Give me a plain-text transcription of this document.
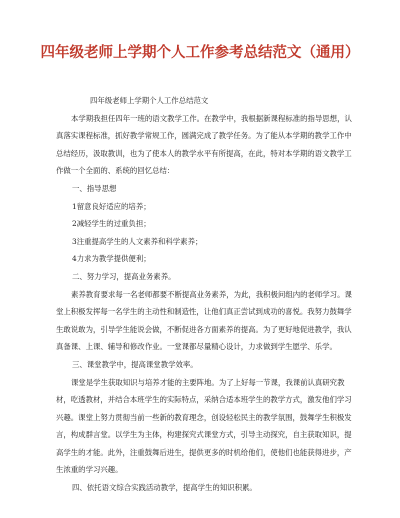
四年级老师上学期个人工作参考总结范文（通用）

四年级老师上学期个人工作总结范文

本学期我担任四年一班的语文教学工作。在教学中，我根据新课程标准的指导思想，认真落实课程标准，抓好教学常规工作，圆满完成了教学任务。为了能从本学期的教学工作中总结经历，汲取教训，也为了使本人的教学水平有所提高，在此，特对本学期的语文教学工作做一个全面的、系统的回忆总结：

一、指导思想

1留意良好适应的培养；

2减轻学生的过重负担；

3注重提高学生的人文素养和科学素养；

4力求为教学提供便利；

二、努力学习，提高业务素养。

素养教育要求每一名老师都要不断提高业务素养，为此，我积极问组内的老师学习。课堂上积极发挥每一名学生的主动性和制造性，让他们真正尝试到成功的喜悦。我努力鼓舞学生敢说敢为，引导学生能说会做，不断促进各方面素养的提高。为了更好地促进教学，我认真备课、上课、辅导和修改作业。一堂课都尽量精心设计，力求做到学生愿学、乐学。

三、课堂教学中，提高课堂教学效率。

课堂是学生获取知识与培养才能的主要阵地。为了上好每一节课，我课前认真研究教材，吃透教材，并结合本班学生的实际特点，采纳合适本班学生的教学方式，激发他们学习兴趣。课堂上努力贯彻当前一些新的教育理念，创设轻松民主的教学氛围，鼓舞学生积极发言，构成群言堂。以学生为主体，构建探究式课堂方式，引导主动探究，自主获取知识，提高学生的才能。此外，注重鼓舞后进生，提供更多的时机给他们，使他们也能获得进步，产生浓重的学习兴趣。

四、依托语文综合实践活动教学，提高学生的知识积累。
